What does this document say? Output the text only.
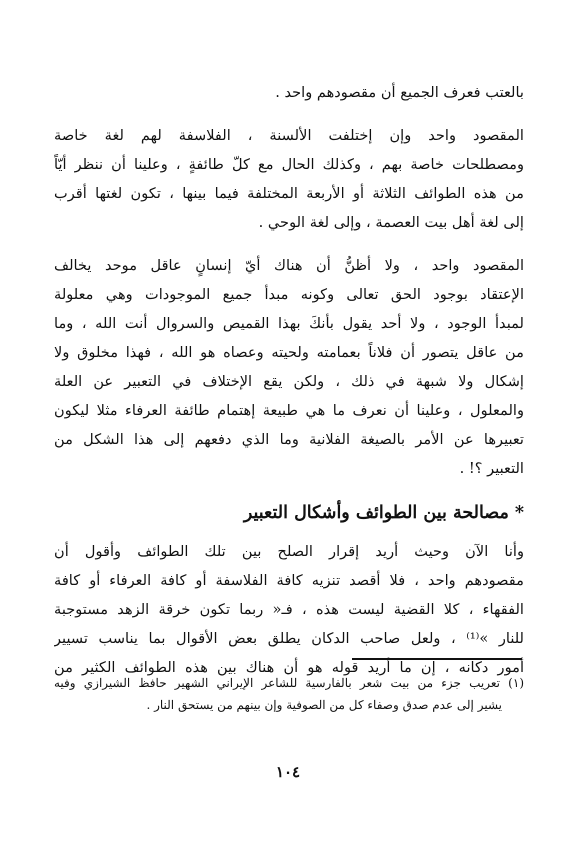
بالعتب فعرف الجميع أن مقصودهم واحد .
المقصود واحد وإن إختلفت الألسنة ، الفلاسفة لهم لغة خاصة
ومصطلحات خاصة بهم ، وكذلك الحال مع كلّ طائفةٍ ، وعلينا أن ننظر أيّاً
من هذه الطوائف الثلاثة أو الأربعة المختلفة فيما بينها ، تكون لغتها أقرب
إلى لغة أهل بيت العصمة ، وإلى لغة الوحي .
المقصود واحد ، ولا أظنُّ أن هناك أيّ إنسانٍ عاقل موحد يخالف
الإعتقاد بوجود الحق تعالى وكونه مبدأ جميع الموجودات وهي معلولة
لمبدأ الوجود ، ولا أحد يقول بأنكَ بهذا القميص والسروال أنت الله ، وما
من عاقل يتصور أن فلاناً بعمامته ولحيته وعصاه هو الله ، فهذا مخلوق ولا
إشكال ولا شبهة في ذلك ، ولكن يقع الإختلاف في التعبير عن العلة
والمعلول ، وعلينا أن نعرف ما هي طبيعة إهتمام طائفة العرفاء مثلا ليكون
تعبيرها عن الأمر بالصيغة الفلانية وما الذي دفعهم إلى هذا الشكل من
التعبير ؟! .
*مصالحة بين الطوائف وأشكال التعبير
وأنا الآن وحيث أريد إقرار الصلح بين تلك الطوائف وأقول أن
مقصودهم واحد ، فلا أقصد تنزيه كافة الفلاسفة أو كافة العرفاء أو كافة
الفقهاء ، كلا القضية ليست هذه ، فـ« ربما تكون خرقة الزهد مستوجبة
للنار »⁽¹⁾ ، ولعل صاحب الدكان يطلق بعض الأقوال بما يناسب تسيير
أمور دكانه ، إن ما أريد قوله هو أن هناك بين هذه الطوائف الكثير من
(١) تعريب جزء من بيت شعر بالفارسية للشاعر الإيراني الشهير حافظ الشيرازي وفيه
يشير إلى عدم صدق وصفاء كل من الصوفية وإن بينهم من يستحق النار .
١٠٤
